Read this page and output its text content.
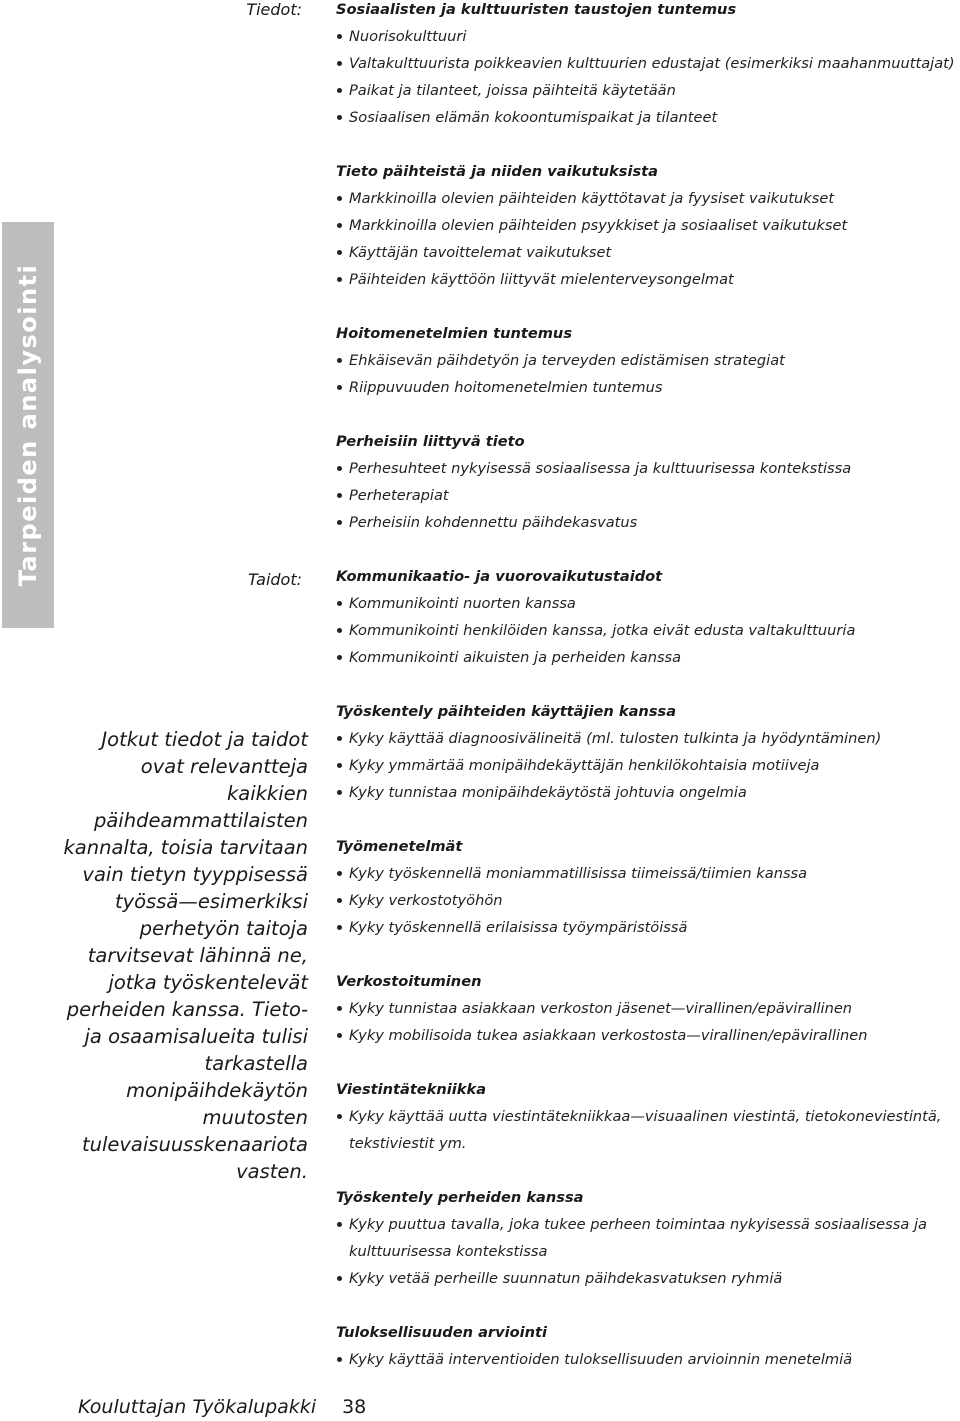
Tiedot:
Taidot:
Tarpeiden analysointi
Jotkut tiedot ja taidot ovat relevantteja kaikkien päihdeammattilaisten kannalta, toisia tarvitaan vain tietyn tyyppisessä työssä—esimerkiksi perhetyön taitoja tarvitsevat lähinnä ne, jotka työskentelevät perheiden kanssa. Tieto- ja osaamisalueita tulisi tarkastella monipäihdekäytön muutosten tulevaisuusskenaariota vasten.
Sosiaalisten ja kulttuuristen taustojen tuntemus
Nuorisokulttuuri
Valtakulttuurista poikkeavien kulttuurien edustajat (esimerkiksi maahanmuuttajat)
Paikat ja tilanteet, joissa päihteitä käytetään
Sosiaalisen elämän kokoontumispaikat ja tilanteet
Tieto päihteistä ja niiden vaikutuksista
Markkinoilla olevien päihteiden käyttötavat ja fyysiset vaikutukset
Markkinoilla olevien päihteiden psyykkiset ja sosiaaliset vaikutukset
Käyttäjän tavoittelemat vaikutukset
Päihteiden käyttöön liittyvät mielenterveysongelmat
Hoitomenetelmien tuntemus
Ehkäisevän päihdetyön ja terveyden edistämisen strategiat
Riippuvuuden hoitomenetelmien tuntemus
Perheisiin liittyvä tieto
Perhesuhteet nykyisessä sosiaalisessa ja kulttuurisessa kontekstissa
Perheterapiat
Perheisiin kohdennettu päihdekasvatus
Kommunikaatio- ja vuorovaikutustaidot
Kommunikointi nuorten kanssa
Kommunikointi henkilöiden kanssa, jotka eivät edusta valtakulttuuria
Kommunikointi aikuisten ja perheiden kanssa
Työskentely päihteiden käyttäjien kanssa
Kyky käyttää diagnoosivälineitä (ml. tulosten tulkinta ja hyödyntäminen)
Kyky ymmärtää monipäihdekäyttäjän henkilökohtaisia motiiveja
Kyky tunnistaa monipäihdekäytöstä johtuvia ongelmia
Työmenetelmät
Kyky työskennellä moniammatillisissa tiimeissä/tiimien kanssa
Kyky verkostotyöhön
Kyky työskennellä erilaisissa työympäristöissä
Verkostoituminen
Kyky tunnistaa asiakkaan verkoston jäsenet—virallinen/epävirallinen
Kyky mobilisoida tukea asiakkaan verkostosta—virallinen/epävirallinen
Viestintätekniikka
Kyky käyttää uutta viestintätekniikkaa—visuaalinen viestintä, tietokoneviestintä, tekstiviestit ym.
Työskentely perheiden kanssa
Kyky puuttua tavalla, joka tukee perheen toimintaa nykyisessä sosiaalisessa ja kulttuurisessa kontekstissa
Kyky vetää perheille suunnatun päihdekasvatuksen ryhmiä
Tuloksellisuuden arviointi
Kyky käyttää interventioiden tuloksellisuuden arvioinnin menetelmiä
Kouluttajan Työkalupakki 38
